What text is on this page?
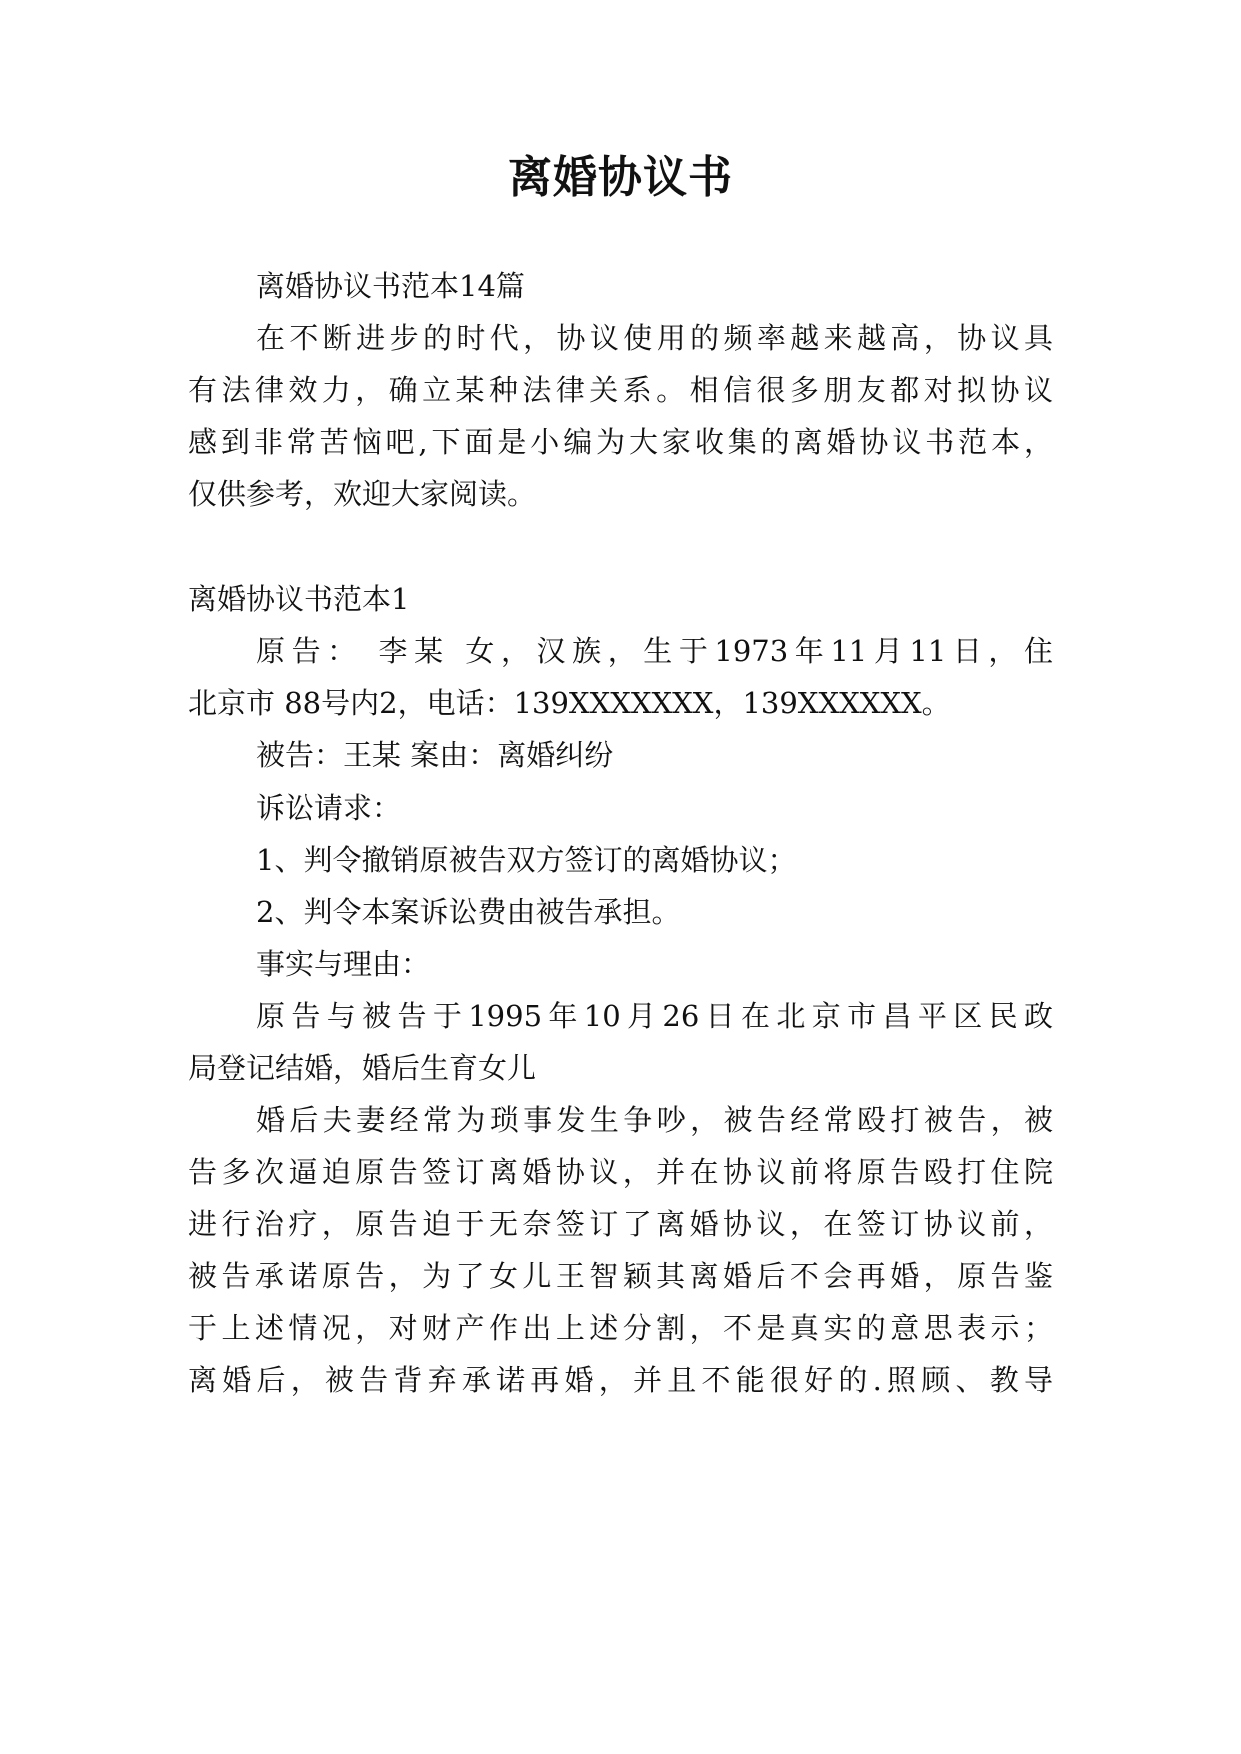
离婚协议书

离婚协议书范本14篇

在不断进步的时代，协议使用的频率越来越高，协议具

有法律效力，确立某种法律关系。相信很多朋友都对拟协议

感到非常苦恼吧,下面是小编为大家收集的离婚协议书范本，

仅供参考，欢迎大家阅读。

离婚协议书范本1

原告： 李某 女，汉族，生于1973年11月11日，住

北京市 88号内2，电话：139XXXXXXX，139XXXXXX。

被告：王某 案由：离婚纠纷

诉讼请求：

1、判令撤销原被告双方签订的离婚协议；

2、判令本案诉讼费由被告承担。

事实与理由：

原告与被告于1995年10月26日在北京市昌平区民政

局登记结婚，婚后生育女儿

婚后夫妻经常为琐事发生争吵，被告经常殴打被告，被

告多次逼迫原告签订离婚协议，并在协议前将原告殴打住院

进行治疗，原告迫于无奈签订了离婚协议，在签订协议前，

被告承诺原告，为了女儿王智颖其离婚后不会再婚，原告鉴

于上述情况，对财产作出上述分割，不是真实的意思表示；

离婚后，被告背弃承诺再婚，并且不能很好的.照顾、教导
